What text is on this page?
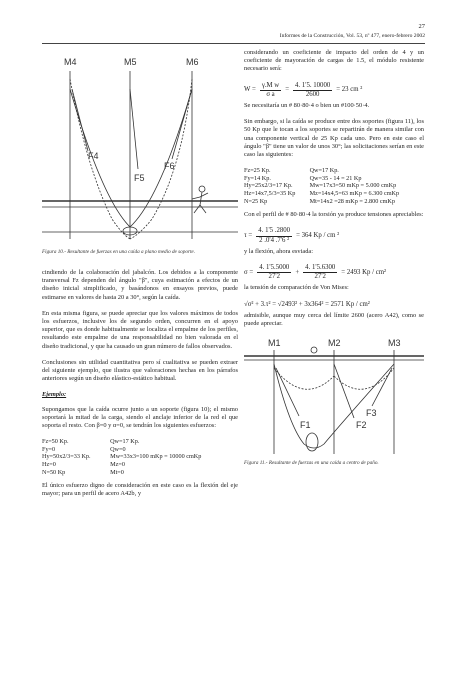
27
Informes de la Construcción, Vol. 53, nº 477, enero-febrero 2002
M4	M5	M6
F4
F5
F6
Figura 10.- Resultante de fuerzas en una caída a plano medio de soporte.

cindiendo de la colaboración del jabalcón. Los debidos a la componente transversal Fz dependen del ángulo "β", cuya estimación a efectos de un diseño inicial simplificado, y basándonos en ensayos previos, puede estimarse en valores de hasta 20 a 30°, según la caída.

En esta misma figura, se puede apreciar que los valores máximos de todos los esfuerzos, inclusive los de segundo orden, concurren en el apoyo superior, que es donde habitualmente se localiza el empalme de los perfiles, resultando este empalme de una responsabilidad no bien valorada en el diseño tradicional, y que ha causado un gran número de fallos observados.

Conclusiones sin utilidad cuantitativa pero sí cualitativa se pueden extraer del siguiente ejemplo, que ilustra que valoraciones hechas en los párrafos anteriores según un diseño elástico-estático habitual.

Ejemplo:

Supongamos que la caída ocurre junto a un soporte (figura 10); el mismo soportará la mitad de la carga, siendo el anclaje inferior de la red el que soporta el resto. Con β=0 y α=0, se tendrán los siguientes esfuerzos:

Fz=50 Kp.	Qw=17 Kp.
Fy=0	Qw=0
Hy=50x2/3=33 Kp.	Mw=33x3=100 mKp = 10000 cmKp
Hz=0	Mz=0
N=50 Kp	Mt=0

El único esfuerzo digno de consideración en este caso es la flexión del eje mayor; para un perfil de acero A42b, y

considerando un coeficiente de impacto del orden de 4 y un coeficiente de mayoración de cargas de 1.5, el módulo resistente necesario será:

$W = \frac{\text{γ.M w}}{\text{σ a}} = \frac{4. 1'5. 10000}{2600} = 23$ cm ²

Se necesitaría un # 80·80·4 o bien un #100·50·4.

Sin embargo, si la caída se produce entre dos soportes (figura 11), los 50 Kp que le tocan a los soportes se repartirán de manera similar con una componente vertical de 25 Kp cada uno. Pero en este caso el ángulo "β" tiene un valor de unos 30°; las solicitaciones serían en este caso las siguientes:

Fz=25 Kp.	Qw=17 Kp.
Fy=14 Kp.	Qw=35 - 14 = 21 Kp
Hy=25x2/3=17 Kp.	Mw=17x3=50 mKp = 5.000 cmKp
Hz=14x7,5/3=35 Kp	Mz=14x4,5=63 mKp = 6.300 cmKp
N=25 Kp	Mt=14x2 =28 mKp = 2.800 cmKp

Con el perfil de # 80·80·4 la torsión ya produce tensiones apreciables:

$\tau = \frac{4. 1'5 .2800}{\text{2 .0'4 .7'6 ²}} = 364$ Kp / cm ²

y la flexión, ahora esviada:

$\sigma = \frac{4. 1'5.5000}{27'2} + \frac{4. 1'5.6300}{27'2} = 2493$ Kp / cm²

la tensión de comparación de Von Mises:

√σ² + 3.τ² = √2493² + 3x364² = 2571 Kp / cm²

admisible, aunque muy cerca del límite 2600 (acero A42), como se puede apreciar.

M1	M2	M3
F1	F2
F3
Figura 11.- Resultante de fuerzas en una caída a centro de paño.
